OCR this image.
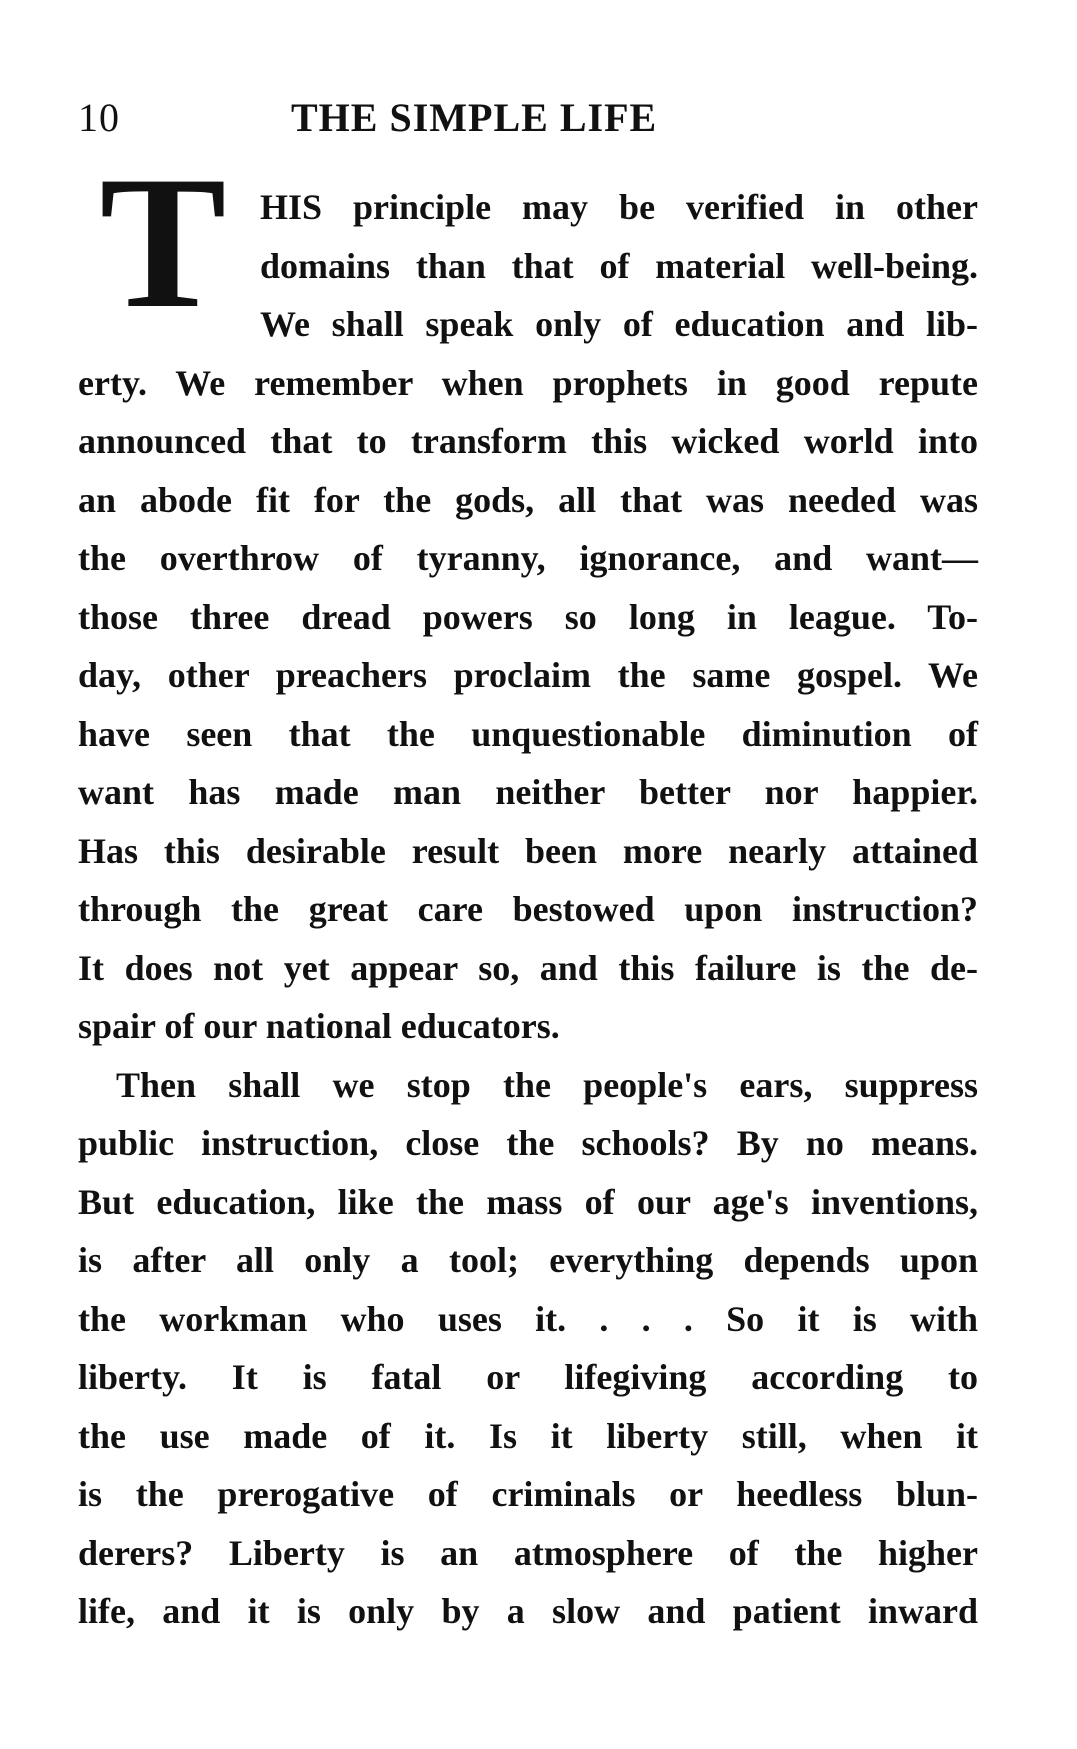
10	THE SIMPLE LIFE
T HIS principle may be verified in other
domains than that of material well-being.
We shall speak only of education and lib-
erty. We remember when prophets in good repute
announced that to transform this wicked world into
an abode fit for the gods, all that was needed was
the overthrow of tyranny, ignorance, and want—
those three dread powers so long in league. To-
day, other preachers proclaim the same gospel. We
have seen that the unquestionable diminution of
want has made man neither better nor happier.
Has this desirable result been more nearly attained
through the great care bestowed upon instruction?
It does not yet appear so, and this failure is the de-
spair of our national educators.
Then shall we stop the people's ears, suppress
public instruction, close the schools? By no means.
But education, like the mass of our age's inventions,
is after all only a tool; everything depends upon
the workman who uses it. . . . So it is with
liberty. It is fatal or lifegiving according to
the use made of it. Is it liberty still, when it
is the prerogative of criminals or heedless blun-
derers? Liberty is an atmosphere of the higher
life, and it is only by a slow and patient inward
